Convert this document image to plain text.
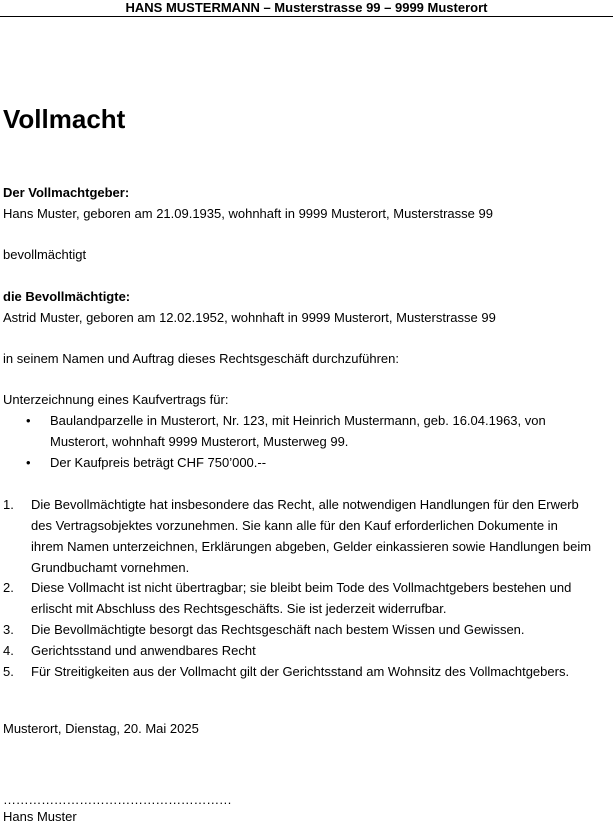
HANS MUSTERMANN – Musterstrasse 99 – 9999 Musterort
Vollmacht
Der Vollmachtgeber:
Hans Muster, geboren am 21.09.1935, wohnhaft in 9999 Musterort, Musterstrasse 99
bevollmächtigt
die Bevollmächtigte:
Astrid Muster, geboren am 12.02.1952, wohnhaft in 9999 Musterort, Musterstrasse 99
in seinem Namen und Auftrag dieses Rechtsgeschäft durchzuführen:
Unterzeichnung eines Kaufvertrags für:
• Baulandparzelle in Musterort, Nr. 123, mit Heinrich Mustermann, geb. 16.04.1963, von
Musterort, wohnhaft 9999 Musterort, Musterweg 99.
• Der Kaufpreis beträgt CHF 750’000.--
1. Die Bevollmächtigte hat insbesondere das Recht, alle notwendigen Handlungen für den Erwerb
des Vertragsobjektes vorzunehmen. Sie kann alle für den Kauf erforderlichen Dokumente in
ihrem Namen unterzeichnen, Erklärungen abgeben, Gelder einkassieren sowie Handlungen beim
Grundbuchamt vornehmen.
2. Diese Vollmacht ist nicht übertragbar; sie bleibt beim Tode des Vollmachtgebers bestehen und
erlischt mit Abschluss des Rechtsgeschäfts. Sie ist jederzeit widerrufbar.
3. Die Bevollmächtigte besorgt das Rechtsgeschäft nach bestem Wissen und Gewissen.
4. Gerichtsstand und anwendbares Recht
5. Für Streitigkeiten aus der Vollmacht gilt der Gerichtsstand am Wohnsitz des Vollmachtgebers.
Musterort, Dienstag, 20. Mai 2025
………………………………………………
Hans Muster
